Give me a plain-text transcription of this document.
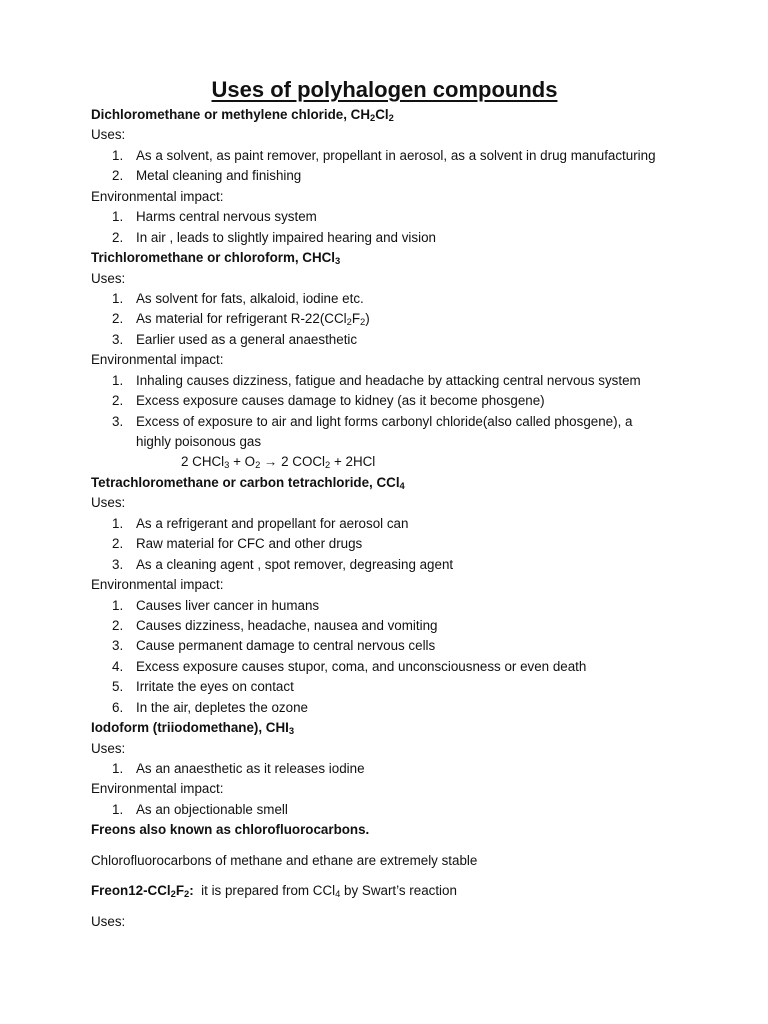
Uses of polyhalogen compounds
Dichloromethane or methylene chloride, $CH_2Cl_2$
Uses:
1. As a solvent, as paint remover, propellant in aerosol, as a solvent in drug manufacturing
2. Metal cleaning and finishing
Environmental impact:
1. Harms central nervous system
2. In air , leads to slightly impaired hearing and vision
Trichloromethane or chloroform, CHCl$_3$
Uses:
1. As solvent for fats, alkaloid, iodine etc.
2. As material for refrigerant $R-22(CCl_2F_2)$
3. Earlier used as a general anaesthetic
Environmental impact:
1. Inhaling causes dizziness, fatigue and headache by attacking central nervous system
2. Excess exposure causes damage to kidney (as it become phosgene)
3. Excess of exposure to air and light forms carbonyl chloride(also called phosgene), a
highly poisonous gas
2 CHCl$_3$ + $O_2 \to 2$ COCl$_2$ + 2HCl
Tetrachloromethane or carbon tetrachloride, CCl$_4$
Uses:
1. As a refrigerant and propellant for aerosol can
2. Raw material for CFC and other drugs
3. As a cleaning agent , spot remover, degreasing agent
Environmental impact:
1. Causes liver cancer in humans
2. Causes dizziness, headache, nausea and vomiting
3. Cause permanent damage to central nervous cells
4. Excess exposure causes stupor, coma, and unconsciousness or even death
5. Irritate the eyes on contact
6. In the air, depletes the ozone
Iodoform (triiodomethane), $CHI_3$
Uses:
1. As an anaesthetic as it releases iodine
Environmental impact:
1. As an objectionable smell
Freons also known as chlorofluorocarbons.
Chlorofluorocarbons of methane and ethane are extremely stable
$Freon12-CCl_2F_2$:  it is prepared from CCl$_4$ by Swart’s reaction
Uses:
